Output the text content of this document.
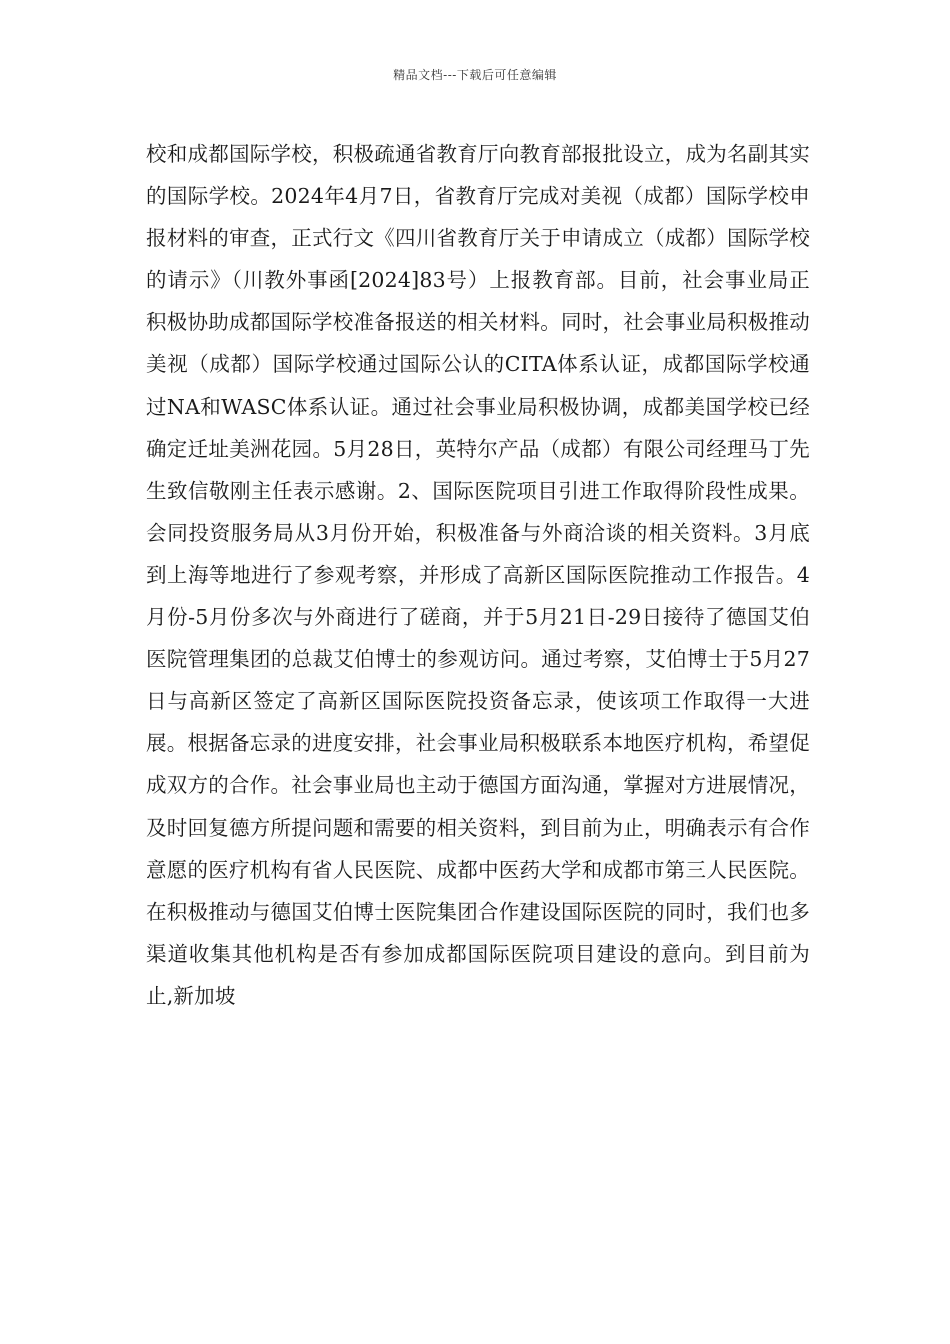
精品文档---下载后可任意编辑

校和成都国际学校，积极疏通省教育厅向教育部报批设立，成为名副其实的国际学校。2024年4月7日，省教育厅完成对美视（成都）国际学校申报材料的审查，正式行文《四川省教育厅关于申请成立（成都）国际学校的请示》（川教外事函[2024]83号）上报教育部。目前，社会事业局正积极协助成都国际学校准备报送的相关材料。同时，社会事业局积极推动美视（成都）国际学校通过国际公认的CITA体系认证，成都国际学校通过NA和WASC体系认证。通过社会事业局积极协调，成都美国学校已经确定迁址美洲花园。5月28日，英特尔产品（成都）有限公司经理马丁先生致信敬刚主任表示感谢。2、国际医院项目引进工作取得阶段性成果。会同投资服务局从3月份开始，积极准备与外商洽谈的相关资料。3月底到上海等地进行了参观考察，并形成了高新区国际医院推动工作报告。4月份-5月份多次与外商进行了磋商，并于5月21日-29日接待了德国艾伯医院管理集团的总裁艾伯博士的参观访问。通过考察，艾伯博士于5月27日与高新区签定了高新区国际医院投资备忘录，使该项工作取得一大进展。根据备忘录的进度安排，社会事业局积极联系本地医疗机构，希望促成双方的合作。社会事业局也主动于德国方面沟通，掌握对方进展情况，及时回复德方所提问题和需要的相关资料，到目前为止，明确表示有合作意愿的医疗机构有省人民医院、成都中医药大学和成都市第三人民医院。在积极推动与德国艾伯博士医院集团合作建设国际医院的同时，我们也多渠道收集其他机构是否有参加成都国际医院项目建设的意向。到目前为止,新加坡
